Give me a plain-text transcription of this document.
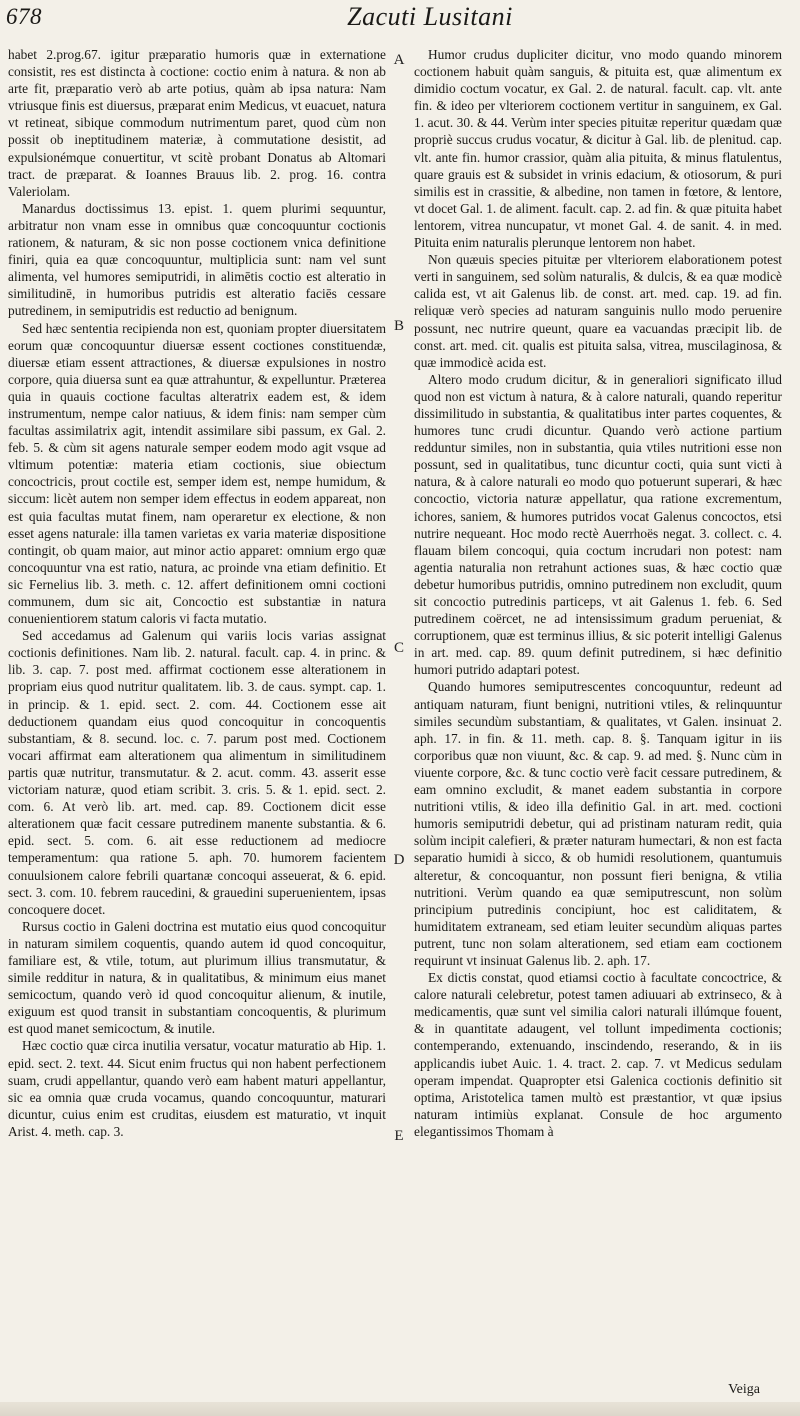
678	Zacuti Lusitani

habet 2.prog.67. igitur præparatio humoris quæ in externatione consistit, res est distincta à coctione: coctio enim à natura. & non ab arte fit, præparatio verò ab arte potius, quàm ab ipsa natura: Nam vtriusque finis est diuersus, præparat enim Medicus, vt euacuet, natura vt retineat, sibique commodum nutrimentum paret, quod cùm non possit ob ineptitudinem materiæ, à commutatione desistit, ad expulsionémque conuertitur, vt scitè probant Donatus ab Altomari tract. de præparat. & Ioannes Brauus lib. 2. prog. 16. contra Valeriolam.

Manardus doctissimus 13. epist. 1. quem plurimi sequuntur, arbitratur non vnam esse in omnibus quæ concoquuntur coctionis rationem, & naturam, & sic non posse coctionem vnica definitione finiri, quia ea quæ concoquuntur, multiplicia sunt: nam vel sunt alimenta, vel humores semiputridi, in alimētis coctio est alteratio in similitudinē, in humoribus putridis est alteratio faciēs cessare putredinem, in semiputridis est reductio ad benignum.

Sed hæc sententia recipienda non est, quoniam propter diuersitatem eorum quæ concoquuntur diuersæ essent coctiones constituendæ, diuersæ etiam essent attractiones, & diuersæ expulsiones in nostro corpore, quia diuersa sunt ea quæ attrahuntur, & expelluntur. Præterea quia in quauis coctione facultas alteratrix eadem est, & idem instrumentum, nempe calor natiuus, & idem finis: nam semper cùm facultas assimilatrix agit, intendit assimilare sibi passum, ex Gal. 2. feb. 5. & cùm sit agens naturale semper eodem modo agit vsque ad vltimum potentiæ: materia etiam coctionis, siue obiectum concoctricis, prout coctile est, semper idem est, nempe humidum, & siccum: licèt autem non semper idem effectus in eodem appareat, non est quia facultas mutat finem, nam operaretur ex electione, & non esset agens naturale: illa tamen varietas ex varia materiæ dispositione contingit, ob quam maior, aut minor actio apparet: omnium ergo quæ concoquuntur vna est ratio, natura, ac proinde vna etiam definitio. Et sic Fernelius lib. 3. meth. c. 12. affert definitionem omni coctioni communem, dum sic ait, Concoctio est substantiæ in natura conuenientiorem statum caloris vi facta mutatio.

Sed accedamus ad Galenum qui variis locis varias assignat coctionis definitiones. Nam lib. 2. natural. facult. cap. 4. in princ. & lib. 3. cap. 7. post med. affirmat coctionem esse alterationem in propriam eius quod nutritur qualitatem. lib. 3. de caus. sympt. cap. 1. in princip. & 1. epid. sect. 2. com. 44. Coctionem esse ait deductionem quandam eius quod concoquitur in concoquentis substantiam, & 8. secund. loc. c. 7. parum post med. Coctionem vocari affirmat eam alterationem qua alimentum in similitudinem partis quæ nutritur, transmutatur. & 2. acut. comm. 43. asserit esse victoriam naturæ, quod etiam scribit. 3. cris. 5. & 1. epid. sect. 2. com. 6. At verò lib. art. med. cap. 89. Coctionem dicit esse alterationem quæ facit cessare putredinem manente substantia. & 6. epid. sect. 5. com. 6. ait esse reductionem ad mediocre temperamentum: qua ratione 5. aph. 70. humorem facientem conuulsionem calore febrili quartanæ concoqui asseuerat, & 6. epid. sect. 3. com. 10. febrem raucedini, & grauedini superuenientem, ipsas concoquere docet.

Rursus coctio in Galeni doctrina est mutatio eius quod concoquitur in naturam similem coquentis, quando autem id quod concoquitur, familiare est, & vtile, totum, aut plurimum illius transmutatur, & simile redditur in natura, & in qualitatibus, & minimum eius manet semicoctum, quando verò id quod concoquitur alienum, & inutile, exiguum est quod transit in substantiam concoquentis, & plurimum est quod manet semicoctum, & inutile.

Hæc coctio quæ circa inutilia versatur, vocatur maturatio ab Hip. 1. epid. sect. 2. text. 44. Sicut enim fructus qui non habent perfectionem suam, crudi appellantur, quando verò eam habent maturi appellantur, sic ea omnia quæ cruda vocamus, quando concoquuntur, maturari dicuntur, cuius enim est cruditas, eiusdem est maturatio, vt inquit Arist. 4. meth. cap. 3.

A
B
C
D
E

Humor crudus dupliciter dicitur, vno modo quando minorem coctionem habuit quàm sanguis, & pituita est, quæ alimentum ex dimidio coctum vocatur, ex Gal. 2. de natural. facult. cap. vlt. ante fin. & ideo per vlteriorem coctionem vertitur in sanguinem, ex Gal. 1. acut. 30. & 44. Verùm inter species pituitæ reperitur quædam quæ propriè succus crudus vocatur, & dicitur à Gal. lib. de plenitud. cap. vlt. ante fin. humor crassior, quàm alia pituita, & minus flatulentus, quare grauis est & subsidet in vrinis edacium, & otiosorum, & puri similis est in crassitie, & albedine, non tamen in fœtore, & lentore, vt docet Gal. 1. de aliment. facult. cap. 2. ad fin. & quæ pituita habet lentorem, vitrea nuncupatur, vt monet Gal. 4. de sanit. 4. in med. Pituita enim naturalis plerunque lentorem non habet.

Non quæuis species pituitæ per vlteriorem elaborationem potest verti in sanguinem, sed solùm naturalis, & dulcis, & ea quæ modicè calida est, vt ait Galenus lib. de const. art. med. cap. 19. ad fin. reliquæ verò species ad naturam sanguinis nullo modo peruenire possunt, nec nutrire queunt, quare ea vacuandas præcipit lib. de const. art. med. cit. qualis est pituita salsa, vitrea, muscilaginosa, & quæ immodicè acida est.

Altero modo crudum dicitur, & in generaliori significato illud quod non est victum à natura, & à calore naturali, quando reperitur dissimilitudo in substantia, & qualitatibus inter partes coquentes, & humores tunc crudi dicuntur. Quando verò actione partium redduntur similes, non in substantia, quia vtiles nutritioni esse non possunt, sed in qualitatibus, tunc dicuntur cocti, quia sunt victi à natura, & à calore naturali eo modo quo potuerunt superari, & hæc concoctio, victoria naturæ appellatur, qua ratione excrementum, ichores, saniem, & humores putridos vocat Galenus concoctos, etsi nutrire nequeant. Hoc modo rectè Auerrhoës negat. 3. collect. c. 4. flauam bilem concoqui, quia coctum incrudari non potest: nam agentia naturalia non retrahunt actiones suas, & hæc coctio quæ debetur humoribus putridis, omnino putredinem non excludit, quum sit concoctio putredinis particeps, vt ait Galenus 1. feb. 6. Sed putredinem coërcet, ne ad intensissimum gradum perueniat, & corruptionem, quæ est terminus illius, & sic poterit intelligi Galenus in art. med. cap. 89. quum definit putredinem, si hæc definitio humori putrido adaptari potest.

Quando humores semiputrescentes concoquuntur, redeunt ad antiquam naturam, fiunt benigni, nutritioni vtiles, & relinquuntur similes secundùm substantiam, & qualitates, vt Galen. insinuat 2. aph. 17. in fin. & 11. meth. cap. 8. §. Tanquam igitur in iis corporibus quæ non viuunt, &c. & cap. 9. ad med. §. Nunc cùm in viuente corpore, &c. & tunc coctio verè facit cessare putredinem, & eam omnino excludit, & manet eadem substantia in corpore nutritioni vtilis, & ideo illa definitio Gal. in art. med. coctioni humoris semiputridi debetur, qui ad pristinam naturam redit, quia solùm incipit calefieri, & præter naturam humectari, & non est facta separatio humidi à sicco, & ob humidi resolutionem, quantumuis alteretur, & concoquantur, non possunt fieri benigna, & vtilia nutritioni. Verùm quando ea quæ semiputrescunt, non solùm principium putredinis concipiunt, hoc est caliditatem, & humiditatem extraneam, sed etiam leuiter secundùm aliquas partes putrent, tunc non solam alterationem, sed etiam eam coctionem requirunt vt insinuat Galenus lib. 2. aph. 17.

Ex dictis constat, quod etiamsi coctio à facultate concoctrice, & calore naturali celebretur, potest tamen adiuuari ab extrinseco, & à medicamentis, quæ sunt vel similia calori naturali illúmque fouent, & in quantitate adaugent, vel tollunt impedimenta coctionis; contemperando, extenuando, inscindendo, reserando, & in iis applicandis iubet Auic. 1. 4. tract. 2. cap. 7. vt Medicus sedulam operam impendat. Quapropter etsi Galenica coctionis definitio sit optima, Aristotelica tamen multò est præstantior, vt quæ ipsius naturam intimiùs explanat. Consule de hoc argumento elegantissimos Thomam à

Veiga
